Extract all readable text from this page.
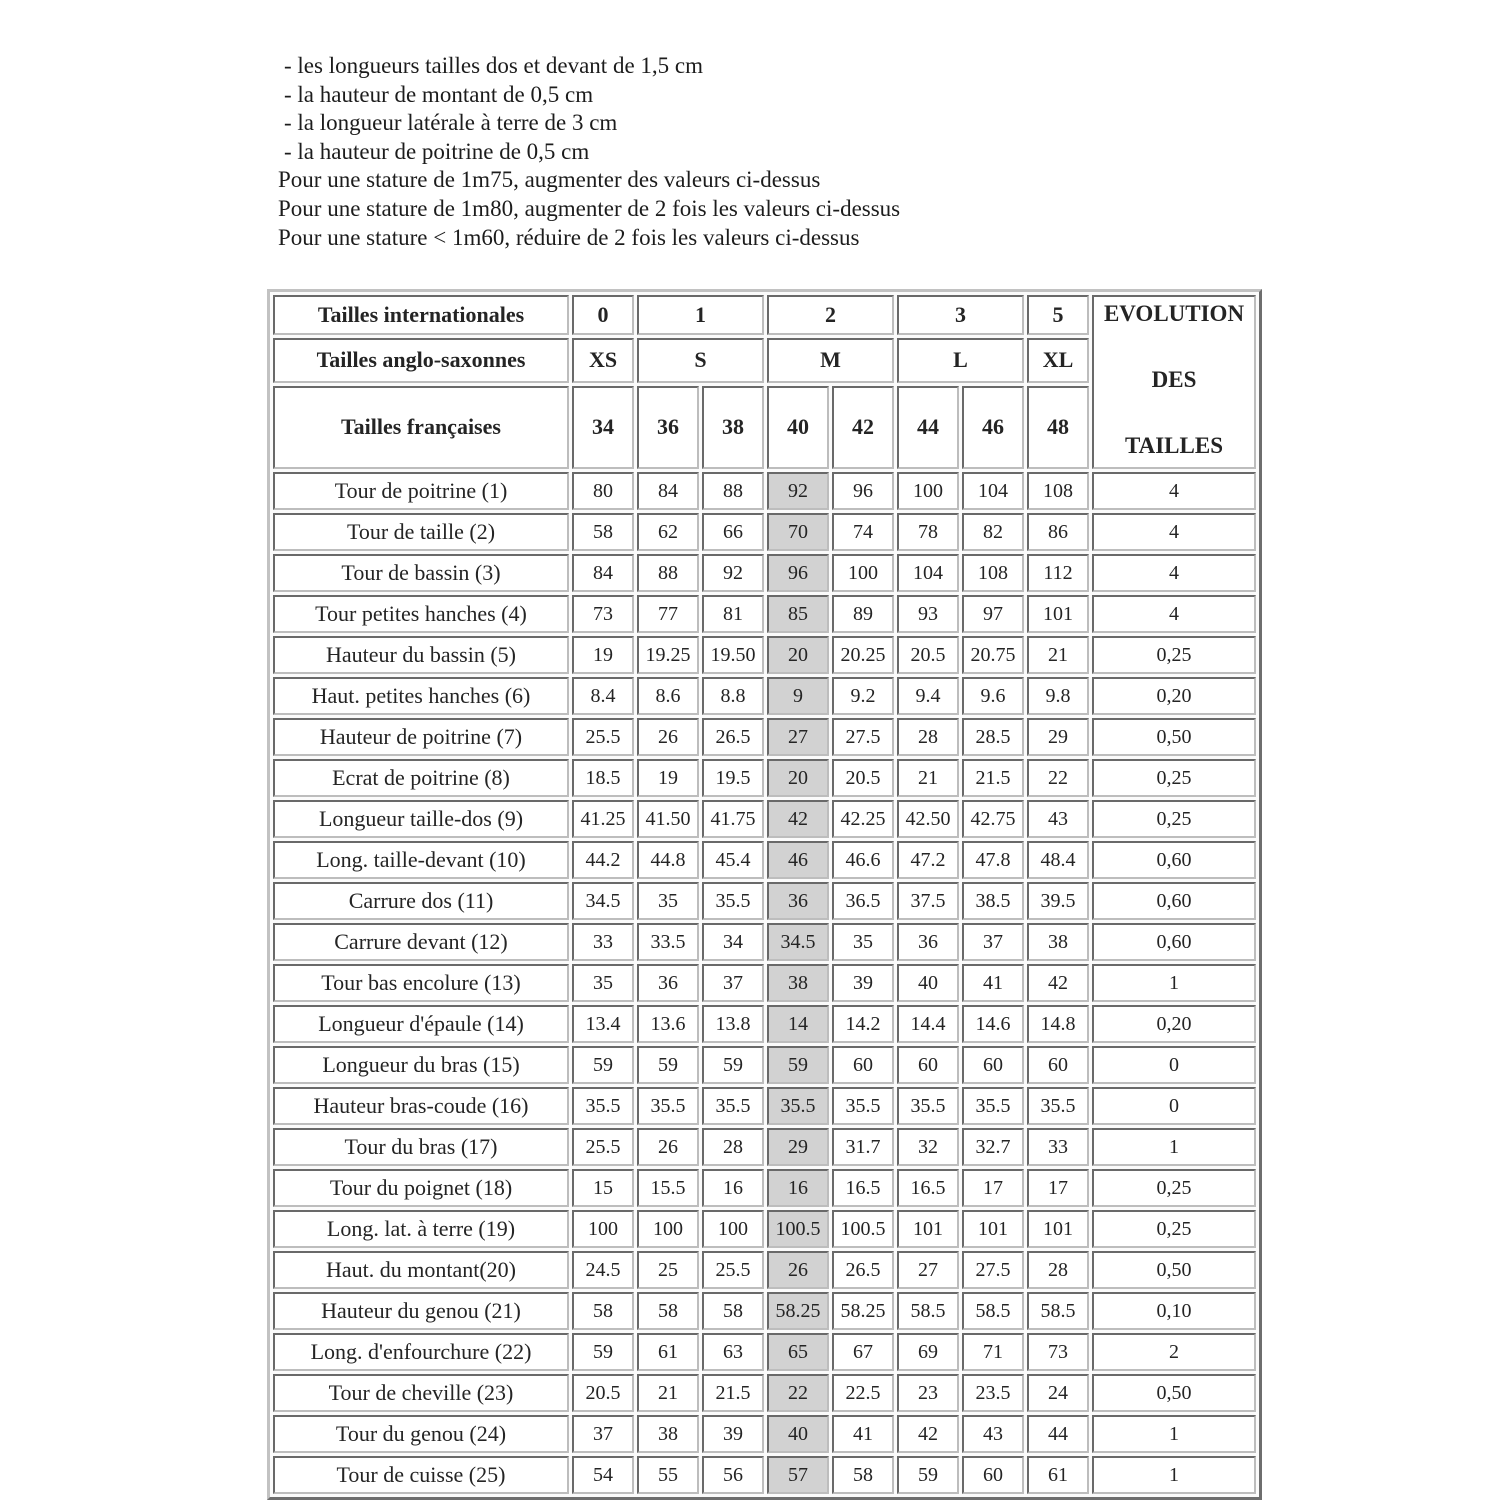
- les longueurs tailles dos et devant de 1,5 cm
- la hauteur de montant de 0,5 cm
- la longueur latérale à terre de 3 cm
- la hauteur de poitrine de 0,5 cm
Pour une stature de 1m75, augmenter des valeurs ci-dessus
Pour une stature de 1m80, augmenter de 2 fois les valeurs ci-dessus
Pour une stature < 1m60, réduire de 2 fois les valeurs ci-dessus
Tailles internationales	0	1		2		3		5	EVOLUTION
DES
TAILLES

Tailles anglo-saxonnes	XS	S		M		L		XL	
Tailles françaises	34	36	38	40	42	44	46	48	
Tour de poitrine (1)	80	84	88	92	96	100	104	108	4
Tour de taille (2)	58	62	66	70	74	78	82	86	4
Tour de bassin (3)	84	88	92	96	100	104	108	112	4
Tour petites hanches (4)	73	77	81	85	89	93	97	101	4
Hauteur du bassin (5)	19	19.25	19.50	20	20.25	20.5	20.75	21	0,25
Haut. petites hanches (6)	8.4	8.6	8.8	9	9.2	9.4	9.6	9.8	0,20
Hauteur de poitrine (7)	25.5	26	26.5	27	27.5	28	28.5	29	0,50
Ecrat de poitrine (8)	18.5	19	19.5	20	20.5	21	21.5	22	0,25
Longueur taille-dos (9)	41.25	41.50	41.75	42	42.25	42.50	42.75	43	0,25
Long. taille-devant (10)	44.2	44.8	45.4	46	46.6	47.2	47.8	48.4	0,60
Carrure dos (11)	34.5	35	35.5	36	36.5	37.5	38.5	39.5	0,60
Carrure devant (12)	33	33.5	34	34.5	35	36	37	38	0,60
Tour bas encolure (13)	35	36	37	38	39	40	41	42	1
Longueur d'épaule (14)	13.4	13.6	13.8	14	14.2	14.4	14.6	14.8	0,20
Longueur du bras (15)	59	59	59	59	60	60	60	60	0
Hauteur bras-coude (16)	35.5	35.5	35.5	35.5	35.5	35.5	35.5	35.5	0
Tour du bras (17)	25.5	26	28	29	31.7	32	32.7	33	1
Tour du poignet (18)	15	15.5	16	16	16.5	16.5	17	17	0,25
Long. lat. à terre (19)	100	100	100	100.5	100.5	101	101	101	0,25
Haut. du montant(20)	24.5	25	25.5	26	26.5	27	27.5	28	0,50
Hauteur du genou (21)	58	58	58	58.25	58.25	58.5	58.5	58.5	0,10
Long. d'enfourchure (22)	59	61	63	65	67	69	71	73	2
Tour de cheville (23)	20.5	21	21.5	22	22.5	23	23.5	24	0,50
Tour du genou (24)	37	38	39	40	41	42	43	44	1
Tour de cuisse (25)	54	55	56	57	58	59	60	61	1
